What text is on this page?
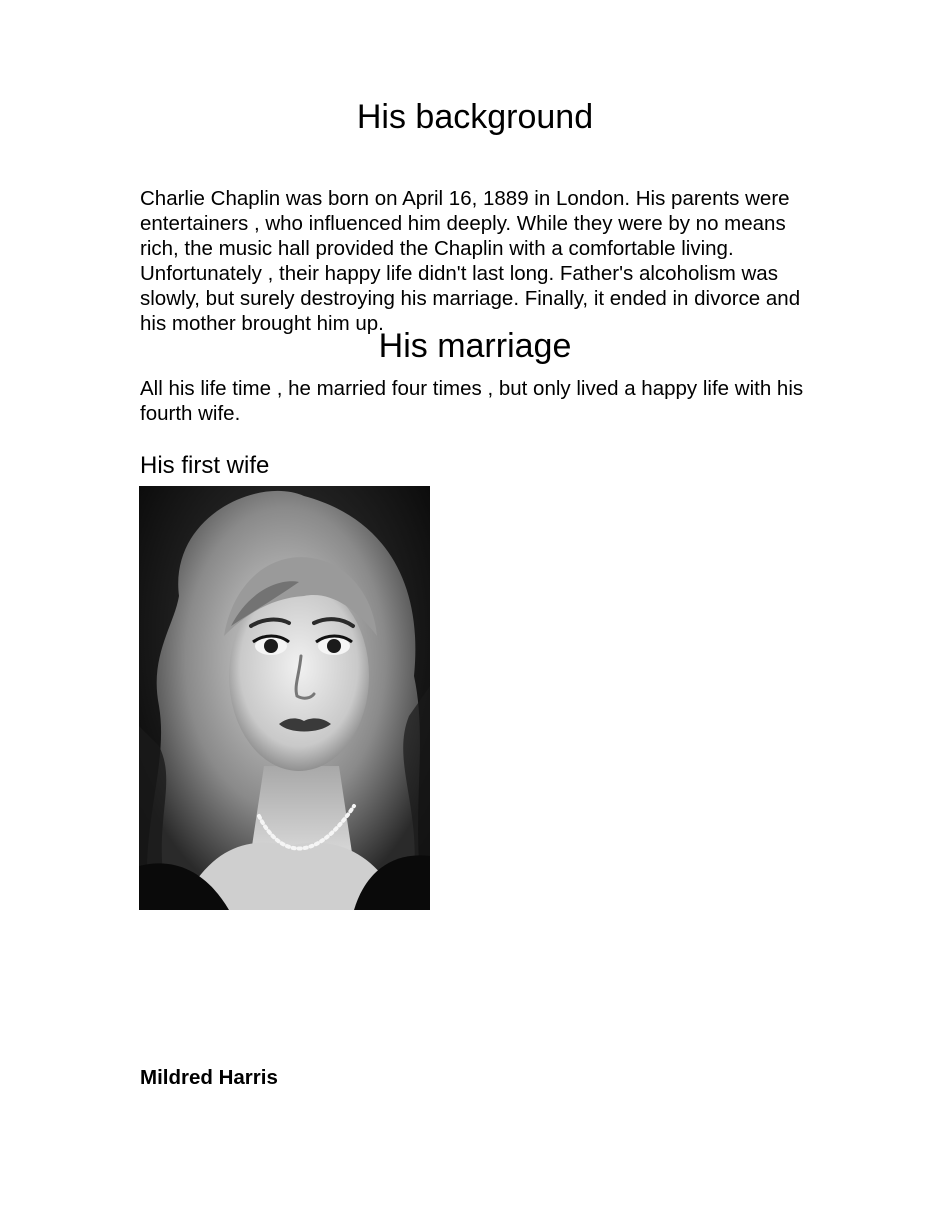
His background

Charlie Chaplin was born on April 16, 1889 in London. His parents were entertainers , who influenced him deeply. While they were by no means rich, the music hall provided the Chaplin with a comfortable living. Unfortunately , their happy life didn't last long. Father's alcoholism was slowly, but surely destroying his marriage. Finally, it ended in divorce and his mother brought him up.

His marriage

All his life time , he married four times , but only lived a happy life with his fourth wife.

His first wife
Mildred Harris
